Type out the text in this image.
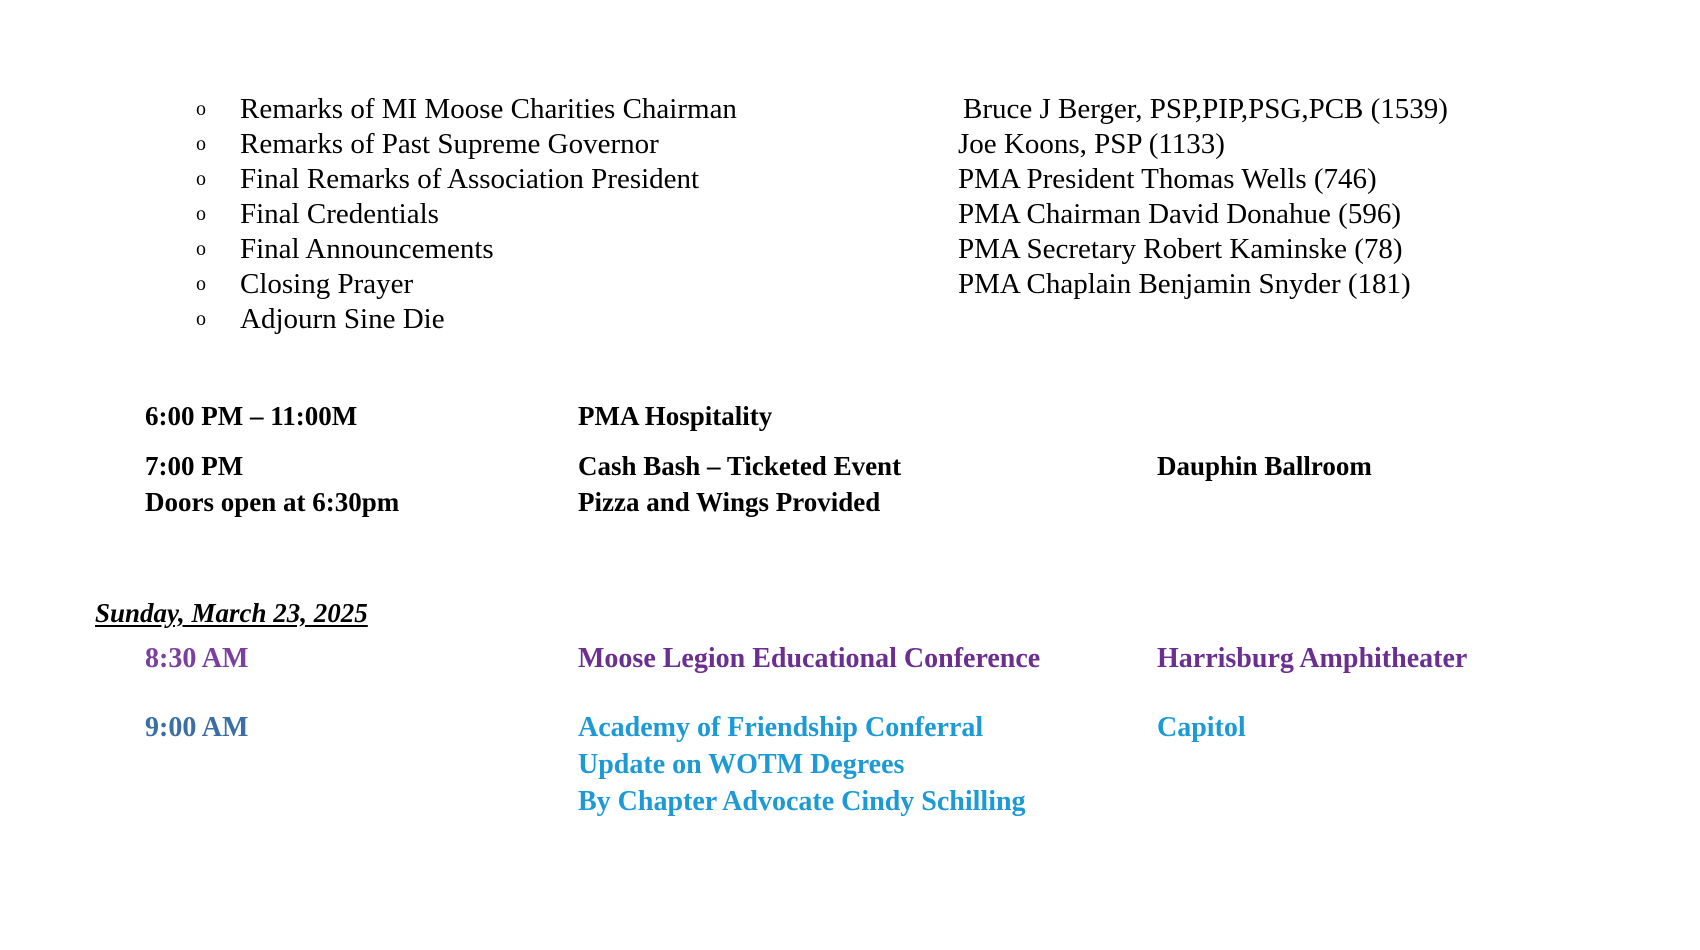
o Remarks of MI Moose Charities Chairman	Bruce J Berger, PSP,PIP,PSG,PCB (1539)
o Remarks of Past Supreme Governor	Joe Koons, PSP (1133)
o Final Remarks of Association President	PMA President Thomas Wells (746)
o Final Credentials	PMA Chairman David Donahue (596)
o Final Announcements	PMA Secretary Robert Kaminske (78)
o Closing Prayer	PMA Chaplain Benjamin Snyder (181)
o Adjourn Sine Die
6:00 PM – 11:00M	PMA Hospitality
7:00 PM	Cash Bash – Ticketed Event	Dauphin Ballroom
Doors open at 6:30pm	Pizza and Wings Provided
Sunday, March 23, 2025
8:30 AM	Moose Legion Educational Conference	Harrisburg Amphitheater
9:00 AM	Academy of Friendship Conferral	Capitol
Update on WOTM Degrees
By Chapter Advocate Cindy Schilling
